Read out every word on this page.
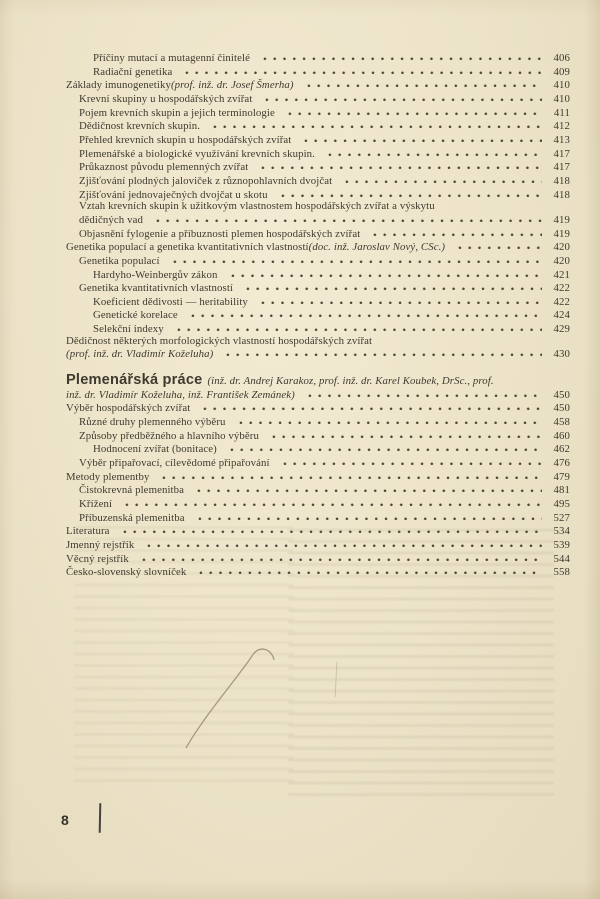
Příčiny mutací a mutagenní činitelé	406
Radiační genetika	409
Základy imunogenetiky (prof. inž. dr. Josef Šmerha)	410
Krevní skupiny u hospodářských zvířat	410
Pojem krevních skupin a jejich terminologie	411
Dědičnost krevních skupin.	412
Přehled krevních skupin u hospodářských zvířat	413
Plemenářské a biologické využívání krevních skupin.	417
Průkaznost původu plemenných zvířat	417
Zjišťování plodných jaloviček z různopohlavních dvojčat	418
Zjišťování jednovaječných dvojčat u skotu	418
Vztah krevních skupin k užitkovým vlastnostem hospodářských zvířat a výskytu
dědičných vad	419
Objasnění fylogenie a příbuznosti plemen hospodářských zvířat	419
Genetika populací a genetika kvantitativních vlastností (doc. inž. Jaroslav Nový, CSc.)	420
Genetika populací	420
Hardyho-Weinbergův zákon	421
Genetika kvantitativních vlastností	422
Koeficient dědivosti — heritability	422
Genetické korelace	424
Selekční indexy	429
Dědičnost některých morfologických vlastností hospodářských zvířat
(prof. inž. dr. Vladimír Koželuha)	430
Plemenářská práce (inž. dr. Andrej Karakoz, prof. inž. dr. Karel Koubek, DrSc., prof.
inž. dr. Vladimír Koželuha, inž. František Zemánek)	450
Výběr hospodářských zvířat	450
Různé druhy plemenného výběru	458
Způsoby předběžného a hlavního výběru	460
Hodnocení zvířat (bonitace)	462
Výběr připařovací, cílevědomé připařování	476
Metody plementby	479
Čistokrevná plemenitba	481
Křížení	495
Příbuzenská plemenitba	527
Literatura	534
Jmenný rejstřík	539
Věcný rejstřík	544
Česko-slovenský slovníček	558
8
